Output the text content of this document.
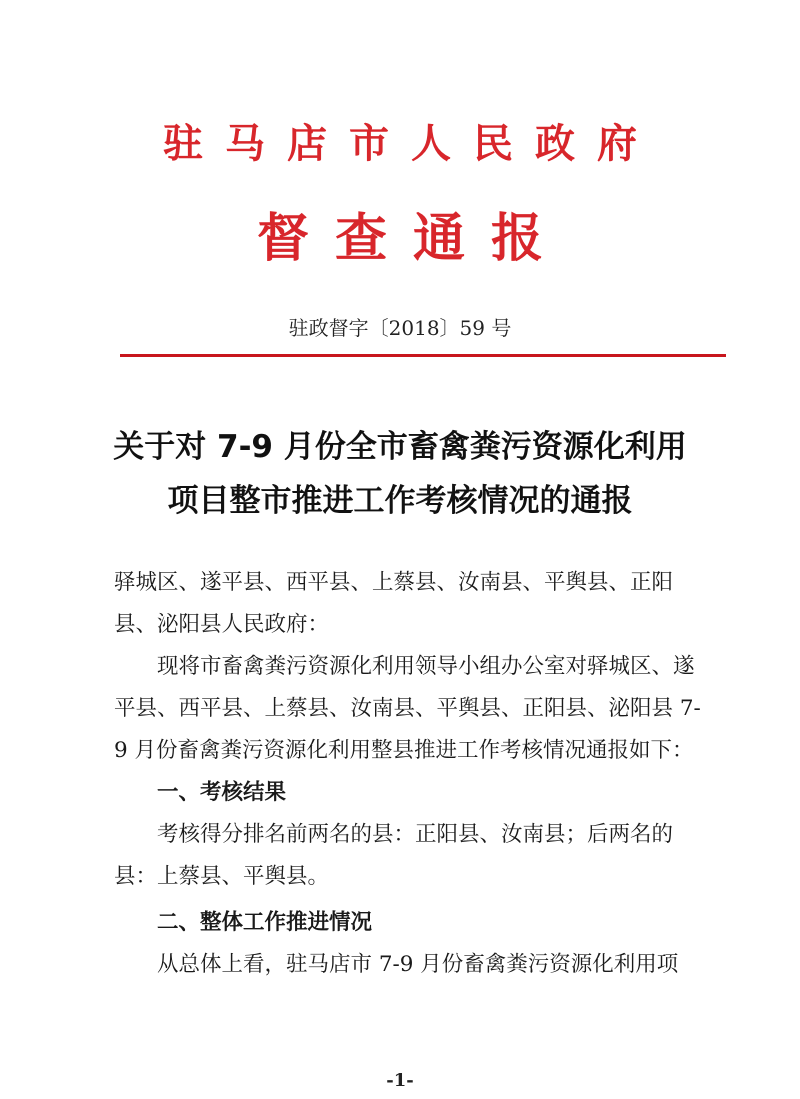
驻马店市人民政府
督查通报
驻政督字〔2018〕59 号
关于对 7-9 月份全市畜禽粪污资源化利用
项目整市推进工作考核情况的通报

驿城区、遂平县、西平县、上蔡县、汝南县、平舆县、正阳县、泌阳县人民政府：

现将市畜禽粪污资源化利用领导小组办公室对驿城区、遂平县、西平县、上蔡县、汝南县、平舆县、正阳县、泌阳县 7-9 月份畜禽粪污资源化利用整县推进工作考核情况通报如下：

一、考核结果

考核得分排名前两名的县：正阳县、汝南县；后两名的县：上蔡县、平舆县。

二、整体工作推进情况

从总体上看，驻马店市 7-9 月份畜禽粪污资源化利用项

-1-
